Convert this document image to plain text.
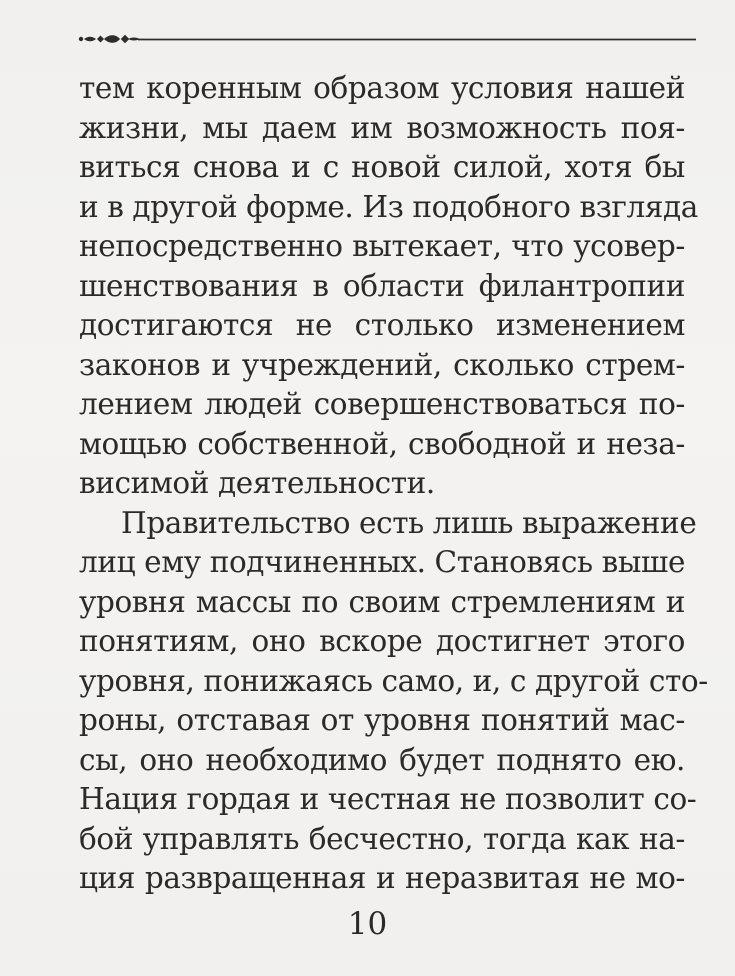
тем коренным образом условия нашей
жизни, мы даем им возможность поя-
виться снова и с новой силой, хотя бы
и в другой форме. Из подобного взгляда
непосредственно вытекает, что усовер-
шенствования в области филантропии
достигаются не столько изменением
законов и учреждений, сколько стрем-
лением людей совершенствоваться по-
мощью собственной, свободной и неза-
висимой деятельности.
Правительство есть лишь выражение
лиц ему подчиненных. Становясь выше
уровня массы по своим стремлениям и
понятиям, оно вскоре достигнет этого
уровня, понижаясь само, и, с другой сто-
роны, отставая от уровня понятий мас-
сы, оно необходимо будет поднято ею.
Нация гордая и честная не позволит со-
бой управлять бесчестно, тогда как на-
ция развращенная и неразвитая не мо-
10
